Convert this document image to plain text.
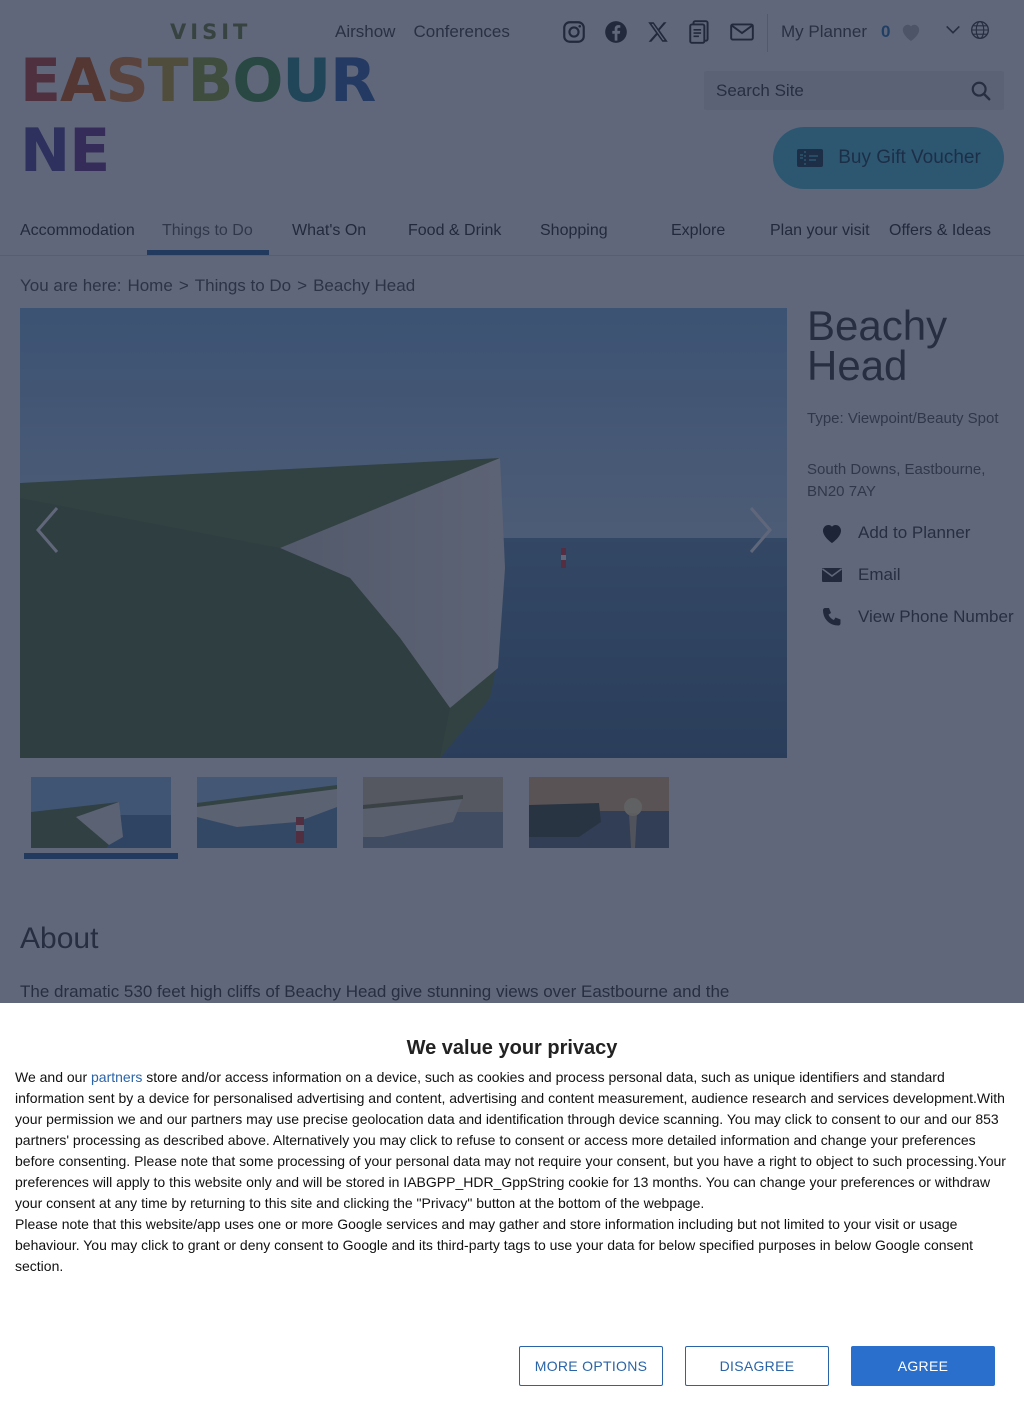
Search Site
We value your privacy

We and our partners store and/or access information on a device, such as cookies and process personal data, such as unique identifiers and standard information sent by a device for personalised advertising and content, advertising and content measurement, audience research and services development.With your permission we and our partners may use precise geolocation data and identification through device scanning. You may click to consent to our and our 853 partners' processing as described above. Alternatively you may click to refuse to consent or access more detailed information and change your preferences before consenting. Please note that some processing of your personal data may not require your consent, but you have a right to object to such processing.Your preferences will apply to this website only and will be stored in IABGPP_HDR_GppString cookie for 13 months. You can change your preferences or withdraw your consent at any time by returning to this site and clicking the "Privacy" button at the bottom of the webpage.

Please note that this website/app uses one or more Google services and may gather and store information including but not limited to your visit or usage behaviour. You may click to grant or deny consent to Google and its third-party tags to use your data for below specified purposes in below Google consent section.

MORE OPTIONS	DISAGREE	AGREE
